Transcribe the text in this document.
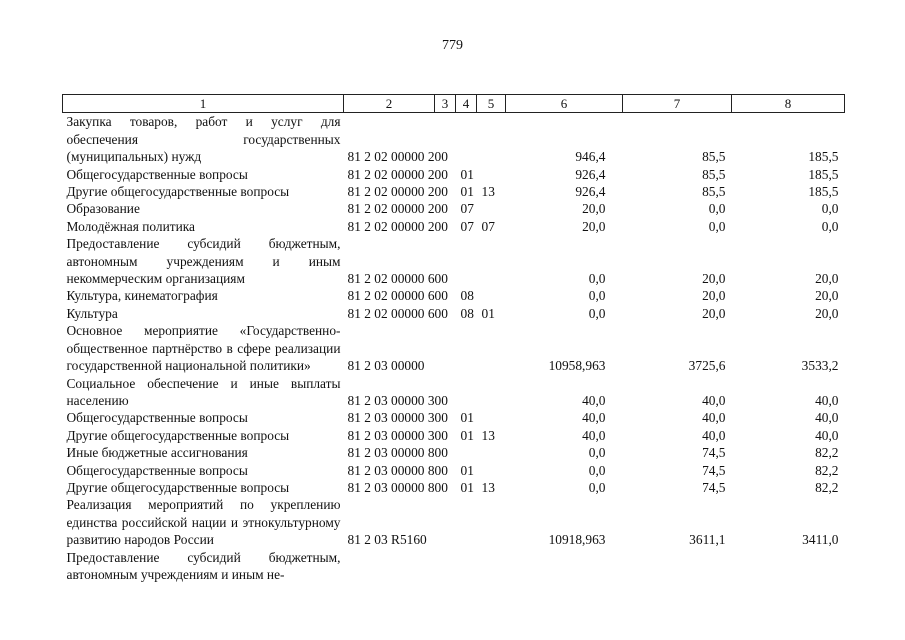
779
1	2	3	4	5	6	7	8
Закупка товаров, работ и услуг для обеспечения государственных (муниципальных) нужд	81 2 02 00000 200				946,4	85,5	185,5
Общегосударственные вопросы	81 2 02 00000 200		01		926,4	85,5	185,5
Другие общегосударственные вопросы	81 2 02 00000 200		01	13	926,4	85,5	185,5
Образование	81 2 02 00000 200		07		20,0	0,0	0,0
Молодёжная политика	81 2 02 00000 200		07	07	20,0	0,0	0,0
Предоставление субсидий бюджетным, автономным учреждениям и иным некоммерческим организациям	81 2 02 00000 600				0,0	20,0	20,0
Культура, кинематография	81 2 02 00000 600		08		0,0	20,0	20,0
Культура	81 2 02 00000 600		08	01	0,0	20,0	20,0
Основное мероприятие «Государственно-общественное партнёрство в сфере реализации государственной национальной политики»	81 2 03 00000				10958,963	3725,6	3533,2
Социальное обеспечение и иные выплаты населению	81 2 03 00000 300				40,0	40,0	40,0
Общегосударственные вопросы	81 2 03 00000 300		01		40,0	40,0	40,0
Другие общегосударственные вопросы	81 2 03 00000 300		01	13	40,0	40,0	40,0
Иные бюджетные ассигнования	81 2 03 00000 800				0,0	74,5	82,2
Общегосударственные вопросы	81 2 03 00000 800		01		0,0	74,5	82,2
Другие общегосударственные вопросы	81 2 03 00000 800		01	13	0,0	74,5	82,2
Реализация мероприятий по укреплению единства российской нации и этнокультурному развитию народов России	81 2 03 R5160				10918,963	3611,1	3411,0
Предоставление субсидий бюджетным, автономным учреждениям и иным не-							
